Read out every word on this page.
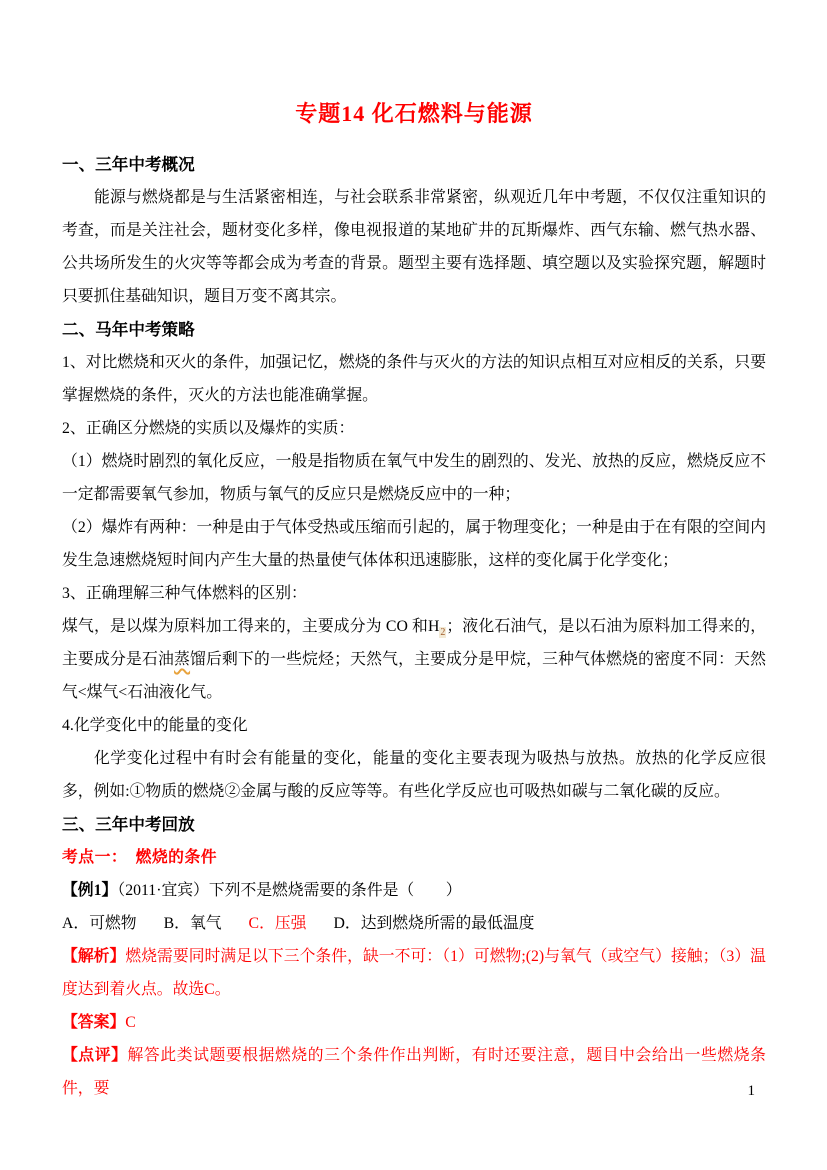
专题14 化石燃料与能源
一、三年中考概况
能源与燃烧都是与生活紧密相连，与社会联系非常紧密，纵观近几年中考题，不仅仅注重知识的考查，而是关注社会，题材变化多样，像电视报道的某地矿井的瓦斯爆炸、西气东输、燃气热水器、公共场所发生的火灾等等都会成为考查的背景。题型主要有选择题、填空题以及实验探究题，解题时只要抓住基础知识，题目万变不离其宗。
二、马年中考策略
1、对比燃烧和灭火的条件，加强记忆，燃烧的条件与灭火的方法的知识点相互对应相反的关系，只要掌握燃烧的条件，灭火的方法也能准确掌握。
2、正确区分燃烧的实质以及爆炸的实质：
（1）燃烧时剧烈的氧化反应，一般是指物质在氧气中发生的剧烈的、发光、放热的反应，燃烧反应不一定都需要氧气参加，物质与氧气的反应只是燃烧反应中的一种；
（2）爆炸有两种：一种是由于气体受热或压缩而引起的，属于物理变化；一种是由于在有限的空间内发生急速燃烧短时间内产生大量的热量使气体体积迅速膨胀，这样的变化属于化学变化；
3、正确理解三种气体燃料的区别：
煤气，是以煤为原料加工得来的，主要成分为 CO 和$H_2$；液化石油气，是以石油为原料加工得来的，主要成分是石油蒸馏后剩下的一些烷烃；天然气，主要成分是甲烷，三种气体燃烧的密度不同：天然气<煤气<石油液化气。
4.化学变化中的能量的变化
化学变化过程中有时会有能量的变化，能量的变化主要表现为吸热与放热。放热的化学反应很多，例如:①物质的燃烧②金属与酸的反应等等。有些化学反应也可吸热如碳与二氧化碳的反应。
三、三年中考回放
考点一：　燃烧的条件
【例1】（2011·宜宾）下列不是燃烧需要的条件是（　　）
A．可燃物 B．氧气 C．压强 D．达到燃烧所需的最低温度
【解析】燃烧需要同时满足以下三个条件，缺一不可：（1）可燃物;(2)与氧气（或空气）接触；（3）温度达到着火点。故选C。
【答案】C
【点评】解答此类试题要根据燃烧的三个条件作出判断，有时还要注意，题目中会给出一些燃烧条件，要	1
